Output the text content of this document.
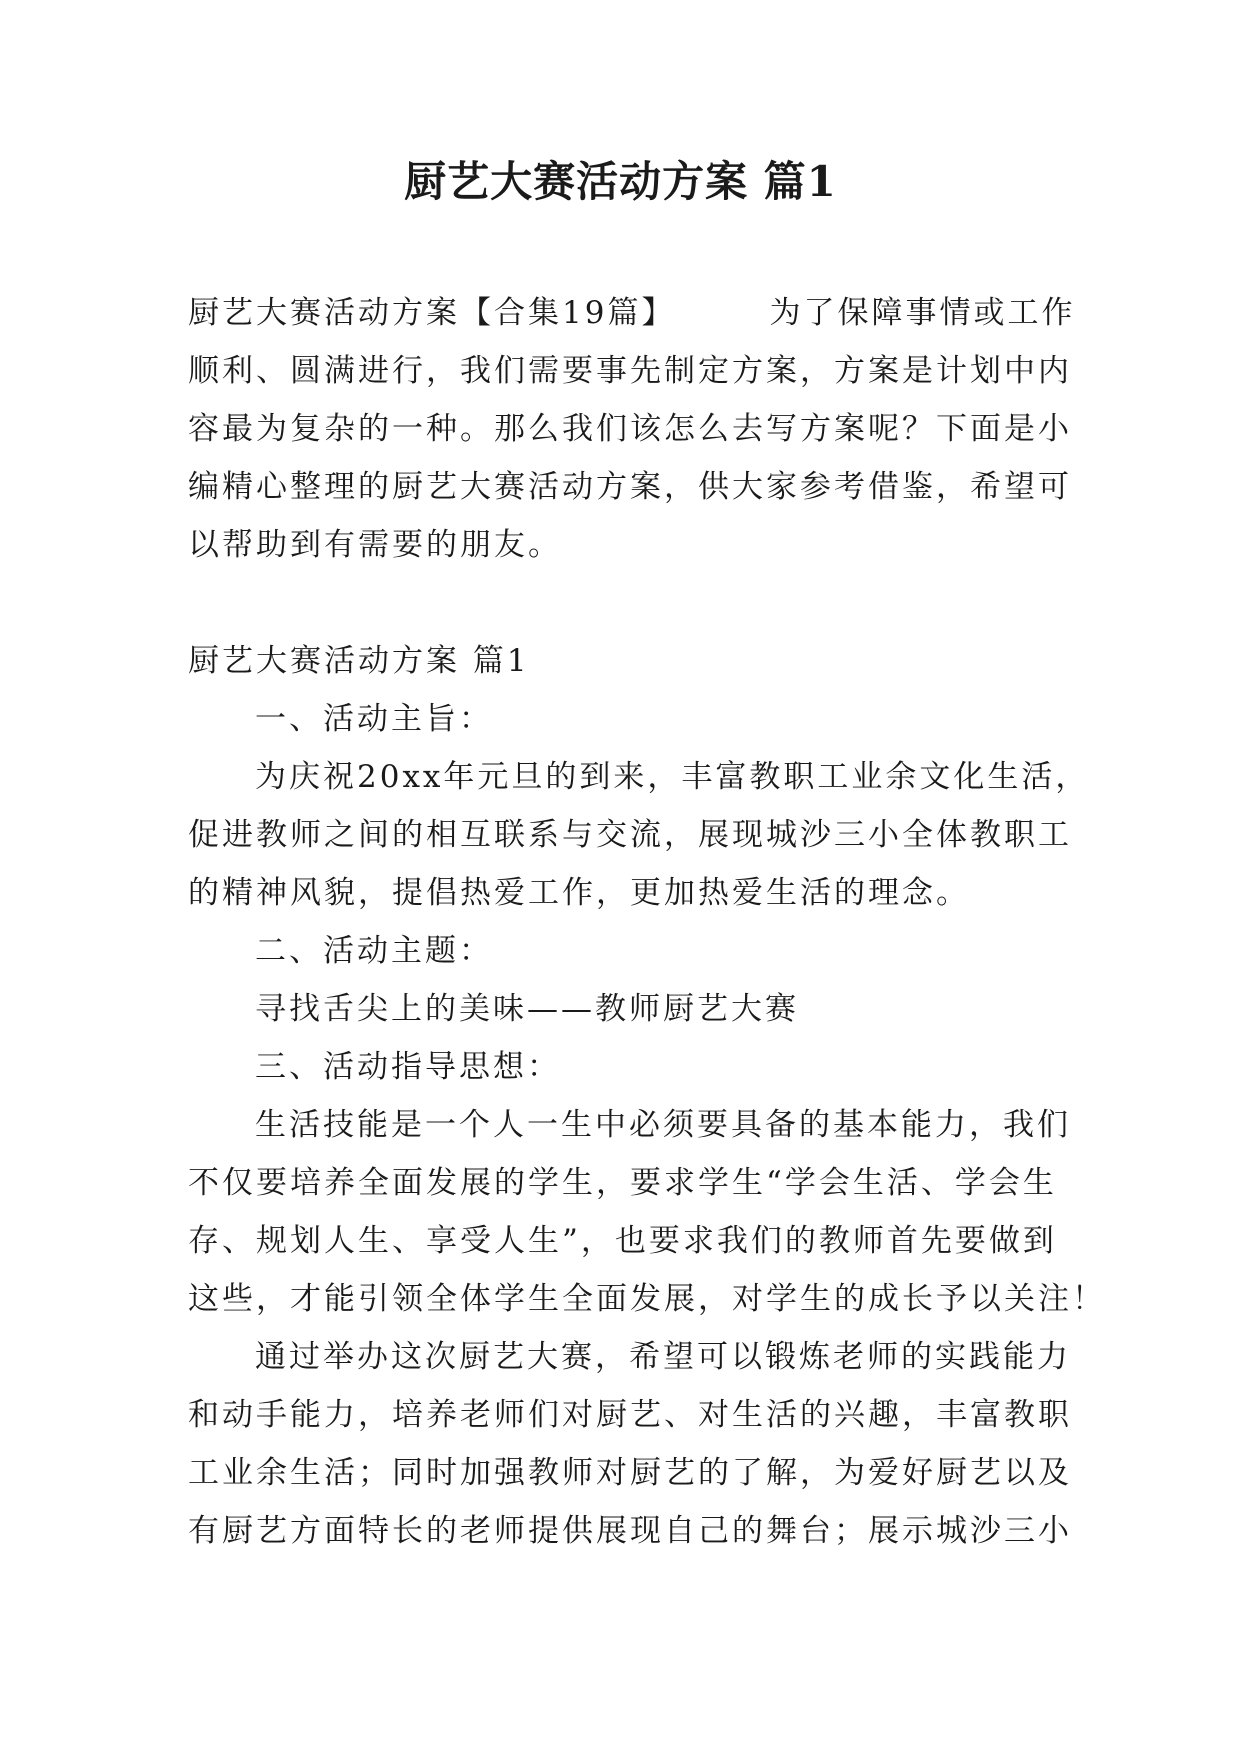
厨艺大赛活动方案 篇1
厨艺大赛活动方案【合集19篇】	为了保障事情或工作
顺利、圆满进行，我们需要事先制定方案，方案是计划中内
容最为复杂的一种。那么我们该怎么去写方案呢？下面是小
编精心整理的厨艺大赛活动方案，供大家参考借鉴，希望可
以帮助到有需要的朋友。
厨艺大赛活动方案 篇1
一、活动主旨：
为庆祝20xx年元旦的到来，丰富教职工业余文化生活，
促进教师之间的相互联系与交流，展现城沙三小全体教职工
的精神风貌，提倡热爱工作，更加热爱生活的理念。
二、活动主题：
寻找舌尖上的美味——教师厨艺大赛
三、活动指导思想：
生活技能是一个人一生中必须要具备的基本能力，我们
不仅要培养全面发展的学生，要求学生“学会生活、学会生
存、规划人生、享受人生”，也要求我们的教师首先要做到
这些，才能引领全体学生全面发展，对学生的成长予以关注！
通过举办这次厨艺大赛，希望可以锻炼老师的实践能力
和动手能力，培养老师们对厨艺、对生活的兴趣，丰富教职
工业余生活；同时加强教师对厨艺的了解，为爱好厨艺以及
有厨艺方面特长的老师提供展现自己的舞台；展示城沙三小
